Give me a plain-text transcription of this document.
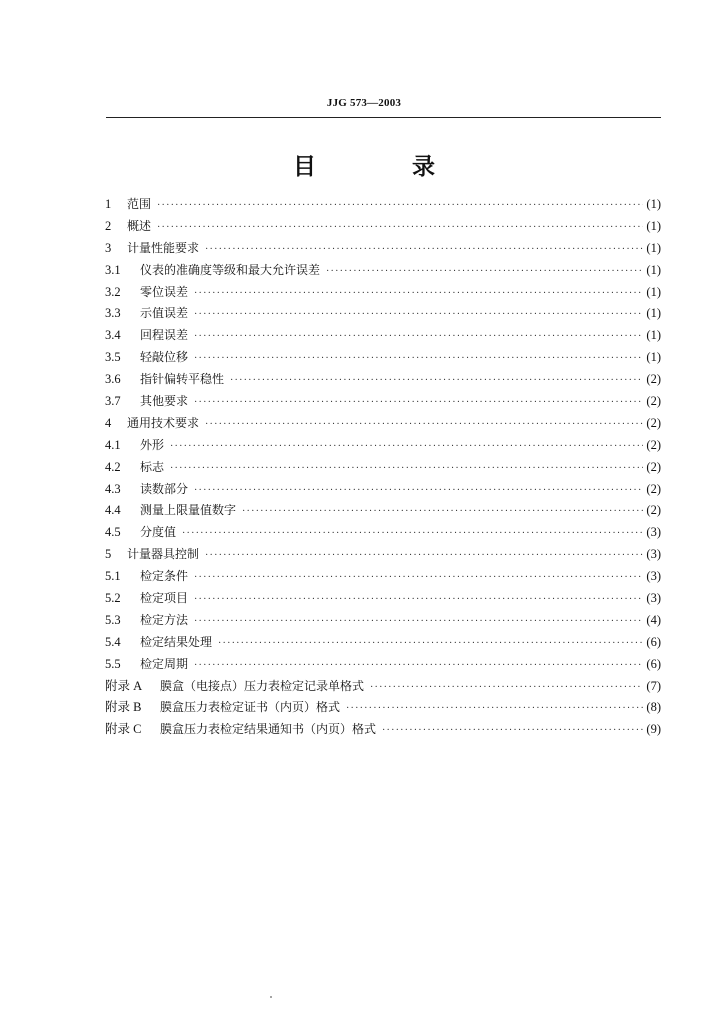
JJG 573—2003
目 录
1	范围 ·····	(1)
2	概述 ·····	(1)
3	计量性能要求 ·····	(1)
3.1	仪表的准确度等级和最大允许误差 ·····	(1)
3.2	零位误差 ·····	(1)
3.3	示值误差 ·····	(1)
3.4	回程误差 ·····	(1)
3.5	轻敲位移 ·····	(1)
3.6	指针偏转平稳性 ·····	(2)
3.7	其他要求 ·····	(2)
4	通用技术要求 ·····	(2)
4.1	外形 ·····	(2)
4.2	标志 ·····	(2)
4.3	读数部分 ·····	(2)
4.4	测量上限量值数字 ·····	(2)
4.5	分度值 ·····	(3)
5	计量器具控制 ·····	(3)
5.1	检定条件 ·····	(3)
5.2	检定项目 ·····	(3)
5.3	检定方法 ·····	(4)
5.4	检定结果处理 ·····	(6)
5.5	检定周期 ·····	(6)
附录 A	膜盒（电接点）压力表检定记录单格式 ·····	(7)
附录 B	膜盒压力表检定证书（内页）格式 ·····	(8)
附录 C	膜盒压力表检定结果通知书（内页）格式 ·····	(9)
